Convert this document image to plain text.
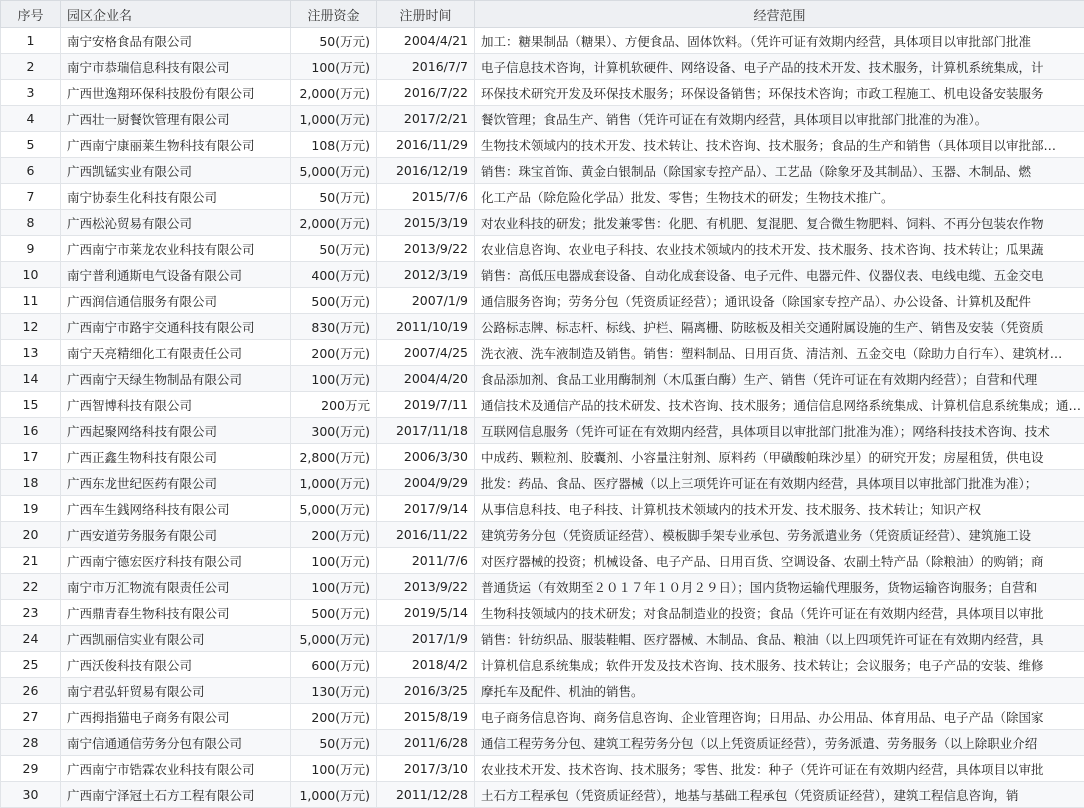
序号	园区企业名	注册资金	注册时间	经营范围
1	南宁安格食品有限公司	50(万元)	2004/4/21	加工：糖果制品（糖果）、方便食品、固体饮料。（凭许可证有效期内经营，具体项目以审批部门批准
2	南宁市恭瑞信息科技有限公司	100(万元)	2016/7/7	电子信息技术咨询，计算机软硬件、网络设备、电子产品的技术开发、技术服务，计算机系统集成，计
3	广西世逸翔环保科技股份有限公司	2,000(万元)	2016/7/22	环保技术研究开发及环保技术服务；环保设备销售；环保技术咨询；市政工程施工、机电设备安装服务
4	广西壮一厨餐饮管理有限公司	1,000(万元)	2017/2/21	餐饮管理；食品生产、销售（凭许可证在有效期内经营，具体项目以审批部门批准的为准）。
5	广西南宁康丽莱生物科技有限公司	108(万元)	2016/11/29	生物技术领域内的技术开发、技术转让、技术咨询、技术服务；食品的生产和销售（具体项目以审批部…
6	广西凯锰实业有限公司	5,000(万元)	2016/12/19	销售：珠宝首饰、黄金白银制品（除国家专控产品）、工艺品（除象牙及其制品）、玉器、木制品、燃
7	南宁协泰生化科技有限公司	50(万元)	2015/7/6	化工产品（除危险化学品）批发、零售；生物技术的研发；生物技术推广。
8	广西松沁贸易有限公司	2,000(万元)	2015/3/19	对农业科技的研发；批发兼零售：化肥、有机肥、复混肥、复合微生物肥料、饲料、不再分包装农作物
9	广西南宁市莱龙农业科技有限公司	50(万元)	2013/9/22	农业信息咨询、农业电子科技、农业技术领域内的技术开发、技术服务、技术咨询、技术转让；瓜果蔬
10	南宁普利通斯电气设备有限公司	400(万元)	2012/3/19	销售：高低压电器成套设备、自动化成套设备、电子元件、电器元件、仪器仪表、电线电缆、五金交电
11	广西润信通信服务有限公司	500(万元)	2007/1/9	通信服务咨询；劳务分包（凭资质证经营）；通讯设备（除国家专控产品）、办公设备、计算机及配件
12	广西南宁市路宇交通科技有限公司	830(万元)	2011/10/19	公路标志牌、标志杆、标线、护栏、隔离栅、防眩板及相关交通附属设施的生产、销售及安装（凭资质
13	南宁天亮精细化工有限责任公司	200(万元)	2007/4/25	洗衣液、洗车液制造及销售。销售：塑料制品、日用百货、清洁剂、五金交电（除助力自行车）、建筑材…
14	广西南宁天绿生物制品有限公司	100(万元)	2004/4/20	食品添加剂、食品工业用酶制剂（木瓜蛋白酶）生产、销售（凭许可证在有效期内经营）；自营和代理
15	广西智博科技有限公司	200万元	2019/7/11	通信技术及通信产品的技术研发、技术咨询、技术服务；通信信息网络系统集成、计算机信息系统集成；通…
16	广西起聚网络科技有限公司	300(万元)	2017/11/18	互联网信息服务（凭许可证在有效期内经营，具体项目以审批部门批准为准）；网络科技技术咨询、技术
17	广西正鑫生物科技有限公司	2,800(万元)	2006/3/30	中成药、颗粒剂、胶囊剂、小容量注射剂、原料药（甲磺酸帕珠沙星）的研究开发；房屋租赁，供电设
18	广西东龙世纪医药有限公司	1,000(万元)	2004/9/29	批发：药品、食品、医疗器械（以上三项凭许可证在有效期内经营，具体项目以审批部门批准为准）；
19	广西车生銭网络科技有限公司	5,000(万元)	2017/9/14	从事信息科技、电子科技、计算机技术领域内的技术开发、技术服务、技术转让；知识产权
20	广西安道劳务服务有限公司	200(万元)	2016/11/22	建筑劳务分包（凭资质证经营）、模板脚手架专业承包、劳务派遣业务（凭资质证经营）、建筑施工设
21	广西南宁德宏医疗科技有限公司	100(万元)	2011/7/6	对医疗器械的投资；机械设备、电子产品、日用百货、空调设备、农副土特产品（除粮油）的购销；商
22	南宁市万汇物流有限责任公司	100(万元)	2013/9/22	普通货运（有效期至２０１７年１０月２９日）；国内货物运输代理服务，货物运输咨询服务；自营和
23	广西鼎青春生物科技有限公司	500(万元)	2019/5/14	生物科技领域内的技术研发；对食品制造业的投资；食品（凭许可证在有效期内经营，具体项目以审批
24	广西凯丽信实业有限公司	5,000(万元)	2017/1/9	销售：针纺织品、服装鞋帽、医疗器械、木制品、食品、粮油（以上四项凭许可证在有效期内经营，具
25	广西沃俊科技有限公司	600(万元)	2018/4/2	计算机信息系统集成；软件开发及技术咨询、技术服务、技术转让；会议服务；电子产品的安装、维修
26	南宁君弘轩贸易有限公司	130(万元)	2016/3/25	摩托车及配件、机油的销售。
27	广西拇指猫电子商务有限公司	200(万元)	2015/8/19	电子商务信息咨询、商务信息咨询、企业管理咨询；日用品、办公用品、体育用品、电子产品（除国家
28	南宁信通通信劳务分包有限公司	50(万元)	2011/6/28	通信工程劳务分包、建筑工程劳务分包（以上凭资质证经营），劳务派遣、劳务服务（以上除职业介绍
29	广西南宁市锆霖农业科技有限公司	100(万元)	2017/3/10	农业技术开发、技术咨询、技术服务；零售、批发：种子（凭许可证在有效期内经营，具体项目以审批
30	广西南宁泽冠土石方工程有限公司	1,000(万元)	2011/12/28	土石方工程承包（凭资质证经营），地基与基础工程承包（凭资质证经营），建筑工程信息咨询，销
